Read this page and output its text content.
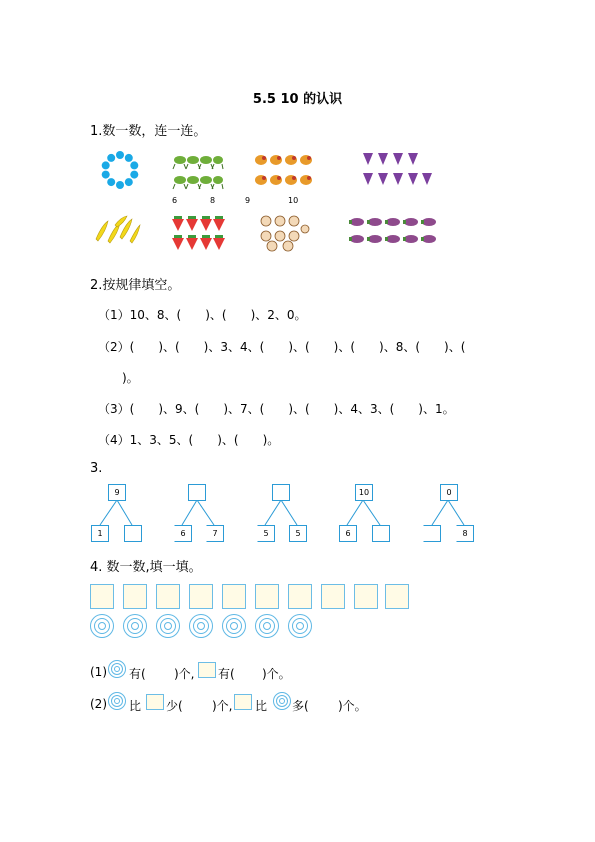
5.5 10 的认识
1.数一数，连一连。
6	8	9	10
2.按规律填空。
（1）10、8、(　　)、(　　)、2、0。
（2）(　　)、(　　)、3、4、(　　)、(　　)、(　　)、8、(　　)、(
　　)。
（3）(　　)、9、(　　)、7、(　　)、(　　)、4、3、(　　)、1。
（4）1、3、5、(　　)、(　　)。
3.
9
1	6	7	5	5
10
6
0
8
4. 数一数,填一填。
(1) 有( )个, 有( )个。
(2) 比 少( )个, 比 多( )个。
